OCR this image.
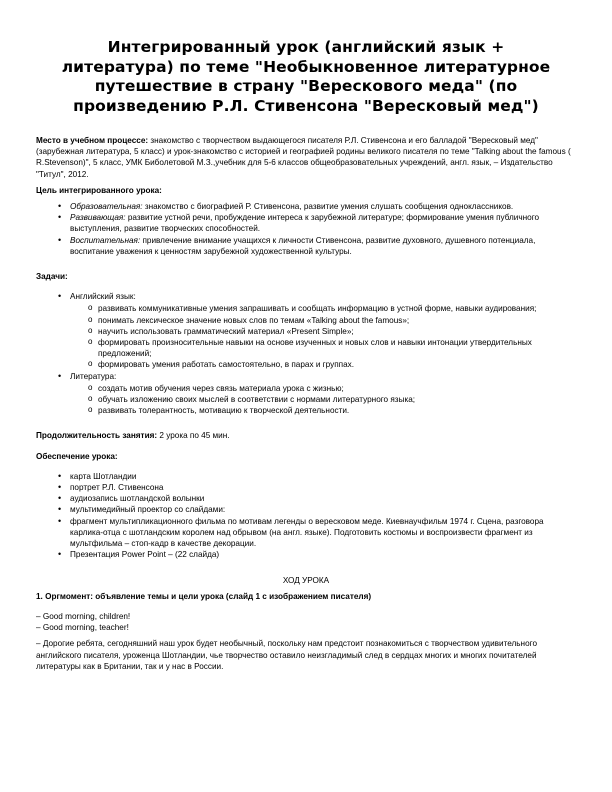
Интегрированный урок (английский язык +
литература) по теме "Необыкновенное литературное
путешествие в страну "Верескового меда" (по
произведению Р.Л. Стивенсона "Вересковый мед")

Место в учебном процессе: знакомство с творчеством выдающегося писателя Р.Л. Стивенсона и его балладой "Вересковый мед" (зарубежная литература, 5 класс) и урок-знакомство с историей и географией родины великого писателя по теме "Talking about the famous ( R.Stevenson)", 5 класс, УМК Биболетовой М.З.,учебник для 5-6 классов общеобразовательных учреждений, англ. язык, – Издательство "Титул", 2012.

Цель интегрированного урока:

• Образовательная: знакомство с биографией Р. Стивенсона, развитие умения слушать сообщения одноклассников.
• Развивающая: развитие устной речи, пробуждение интереса к зарубежной литературе; формирование умения публичного выступления, развитие творческих способностей.
• Воспитательная: привлечение внимание учащихся к личности Стивенсона, развитие духовного, душевного потенциала, воспитание уважения к ценностям зарубежной художественной культуры.

Задачи:

• Английский язык:
o развивать коммуникативные умения запрашивать и сообщать информацию в устной форме, навыки аудирования;
o понимать лексическое значение новых слов по темам «Talking about the famous»;
o научить использовать грамматический материал «Present Simple»;
o формировать произносительные навыки на основе изученных и новых слов и навыки интонации утвердительных предложений;
o формировать умения работать самостоятельно, в парах и группах.
• Литература:
o создать мотив обучения через связь материала урока с жизнью;
o обучать изложению своих мыслей в соответствии с нормами литературного языка;
o развивать толерантность, мотивацию к творческой деятельности.

Продолжительность занятия: 2 урока по 45 мин.

Обеспечение урока:

• карта Шотландии
• портрет Р.Л. Стивенсона
• аудиозапись шотландской волынки
• мультимедийный проектор со слайдами:
• фрагмент мультипликационного фильма по мотивам легенды о вересковом меде. Киевнаучфильм 1974 г. Сцена, разговора карлика-отца с шотландским королем над обрывом (на англ. языке). Подготовить костюмы и воспроизвести фрагмент из мультфильма – стоп-кадр в качестве декорации.
• Презентация Power Point – (22 слайда)

ХОД УРОКА

1. Оргмомент: объявление темы и цели урока (слайд 1 с изображением писателя)

– Good morning, children!

– Good morning, teacher!

– Дорогие ребята, сегодняшний наш урок будет необычный, поскольку нам предстоит познакомиться с творчеством удивительного английского писателя, уроженца Шотландии, чье творчество оставило неизгладимый след в сердцах многих и многих почитателей литературы как в Британии, так и у нас в России.
